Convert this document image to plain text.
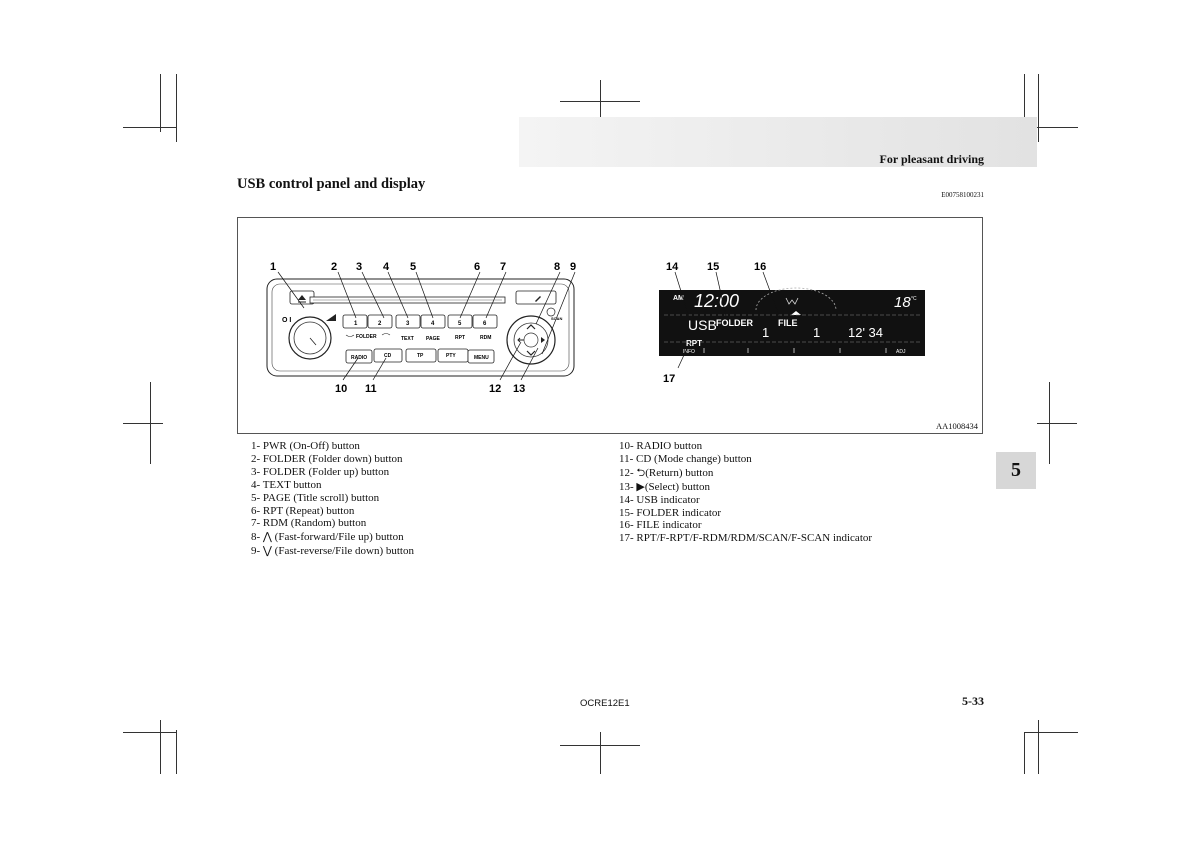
For pleasant driving
USB control panel and display
E00758100231
O I	1	2	3	4	5	6
FOLDER	TEXT PAGE	RPT	RDM
RADIO	CD	TP	PTY	MENU
SCAN
1	2 3 4 5	6 7	8 9
10 11	12 13
AM 12:00	18 °C
USB FOLDER	FILE
1	1 12' 34
RPT
INFO	ADJ
14	15	16
17
AA1008434
1- PWR (On-Off) button
2- FOLDER (Folder down) button
3- FOLDER (Folder up) button
4- TEXT button
5- PAGE (Title scroll) button
6- RPT (Repeat) button
7- RDM (Random) button
8- ⋀ (Fast-forward/File up) button
9- ⋁ (Fast-reverse/File down) button
10- RADIO button
11- CD (Mode change) button
12- ⮌(Return) button
13- ▶(Select) button
14- USB indicator
15- FOLDER indicator
16- FILE indicator
17- RPT/F-RPT/F-RDM/RDM/SCAN/F-SCAN indicator
5
OCRE12E1	5-33
